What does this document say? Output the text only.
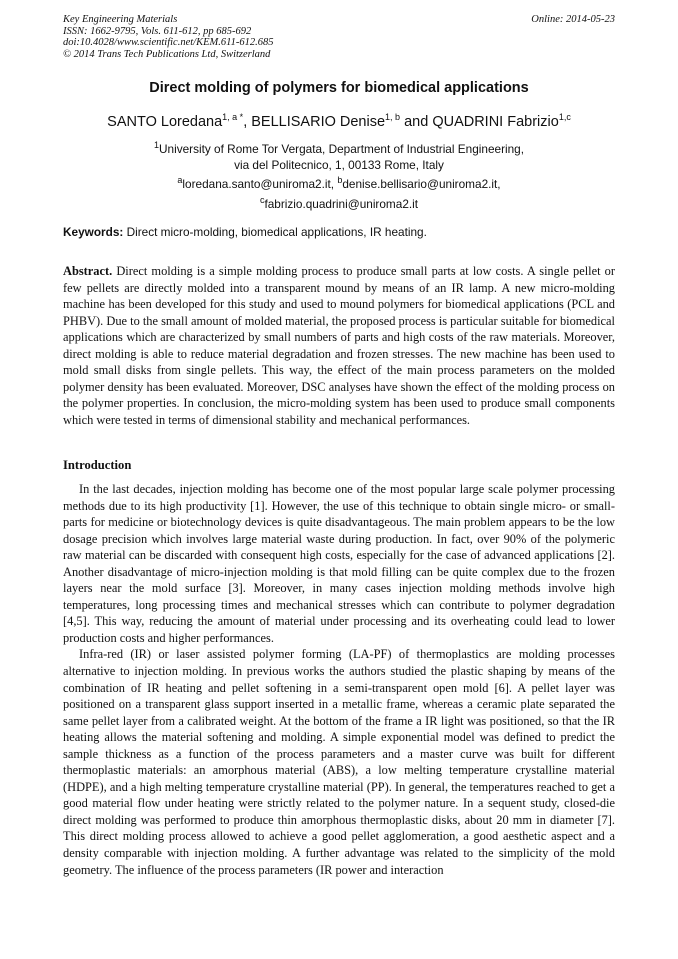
Key Engineering Materials
ISSN: 1662-9795, Vols. 611-612, pp 685-692
doi:10.4028/www.scientific.net/KEM.611-612.685
© 2014 Trans Tech Publications Ltd, Switzerland
Online: 2014-05-23
Direct molding of polymers for biomedical applications
SANTO Loredana$^{1, a *}$, BELLISARIO Denise$^{1, b}$ and QUADRINI Fabrizio$^{1,c}$
$^1$University of Rome Tor Vergata, Department of Industrial Engineering,
via del Politecnico, 1, 00133 Rome, Italy
$^a$loredana.santo@uniroma2.it, $^b$denise.bellisario@uniroma2.it,
$^c$fabrizio.quadrini@uniroma2.it
Keywords: Direct micro-molding, biomedical applications, IR heating.

Abstract. Direct molding is a simple molding process to produce small parts at low costs. A single pellet or few pellets are directly molded into a transparent mound by means of an IR lamp. A new micro-molding machine has been developed for this study and used to mound polymers for biomedical applications (PCL and PHBV). Due to the small amount of molded material, the proposed process is particular suitable for biomedical applications which are characterized by small numbers of parts and high costs of the raw materials. Moreover, direct molding is able to reduce material degradation and frozen stresses. The new machine has been used to mold small disks from single pellets. This way, the effect of the main process parameters on the molded polymer density has been evaluated. Moreover, DSC analyses have shown the effect of the molding process on the polymer properties. In conclusion, the micro-molding system has been used to produce small components which were tested in terms of dimensional stability and mechanical performances.

Introduction

In the last decades, injection molding has become one of the most popular large scale polymer processing methods due to its high productivity [1]. However, the use of this technique to obtain single micro- or small-parts for medicine or biotechnology devices is quite disadvantageous. The main problem appears to be the low dosage precision which involves large material waste during production. In fact, over 90% of the polymeric raw material can be discarded with consequent high costs, especially for the case of advanced applications [2]. Another disadvantage of micro-injection molding is that mold filling can be quite complex due to the frozen layers near the mold surface [3]. Moreover, in many cases injection molding methods involve high temperatures, long processing times and mechanical stresses which can contribute to polymer degradation [4,5]. This way, reducing the amount of material under processing and its overheating could lead to lower production costs and higher performances.

Infra-red (IR) or laser assisted polymer forming (LA-PF) of thermoplastics are molding processes alternative to injection molding. In previous works the authors studied the plastic shaping by means of the combination of IR heating and pellet softening in a semi-transparent open mold [6]. A pellet layer was positioned on a transparent glass support inserted in a metallic frame, whereas a ceramic plate separated the same pellet layer from a calibrated weight. At the bottom of the frame a IR light was positioned, so that the IR heating allows the material softening and molding. A simple exponential model was defined to predict the sample thickness as a function of the process parameters and a master curve was built for different thermoplastic materials: an amorphous material (ABS), a low melting temperature crystalline material (HDPE), and a high melting temperature crystalline material (PP). In general, the temperatures reached to get a good material flow under heating were strictly related to the polymer nature. In a sequent study, closed-die direct molding was performed to produce thin amorphous thermoplastic disks, about 20 mm in diameter [7]. This direct molding process allowed to achieve a good pellet agglomeration, a good aesthetic aspect and a density comparable with injection molding. A further advantage was related to the simplicity of the mold geometry. The influence of the process parameters (IR power and interaction
